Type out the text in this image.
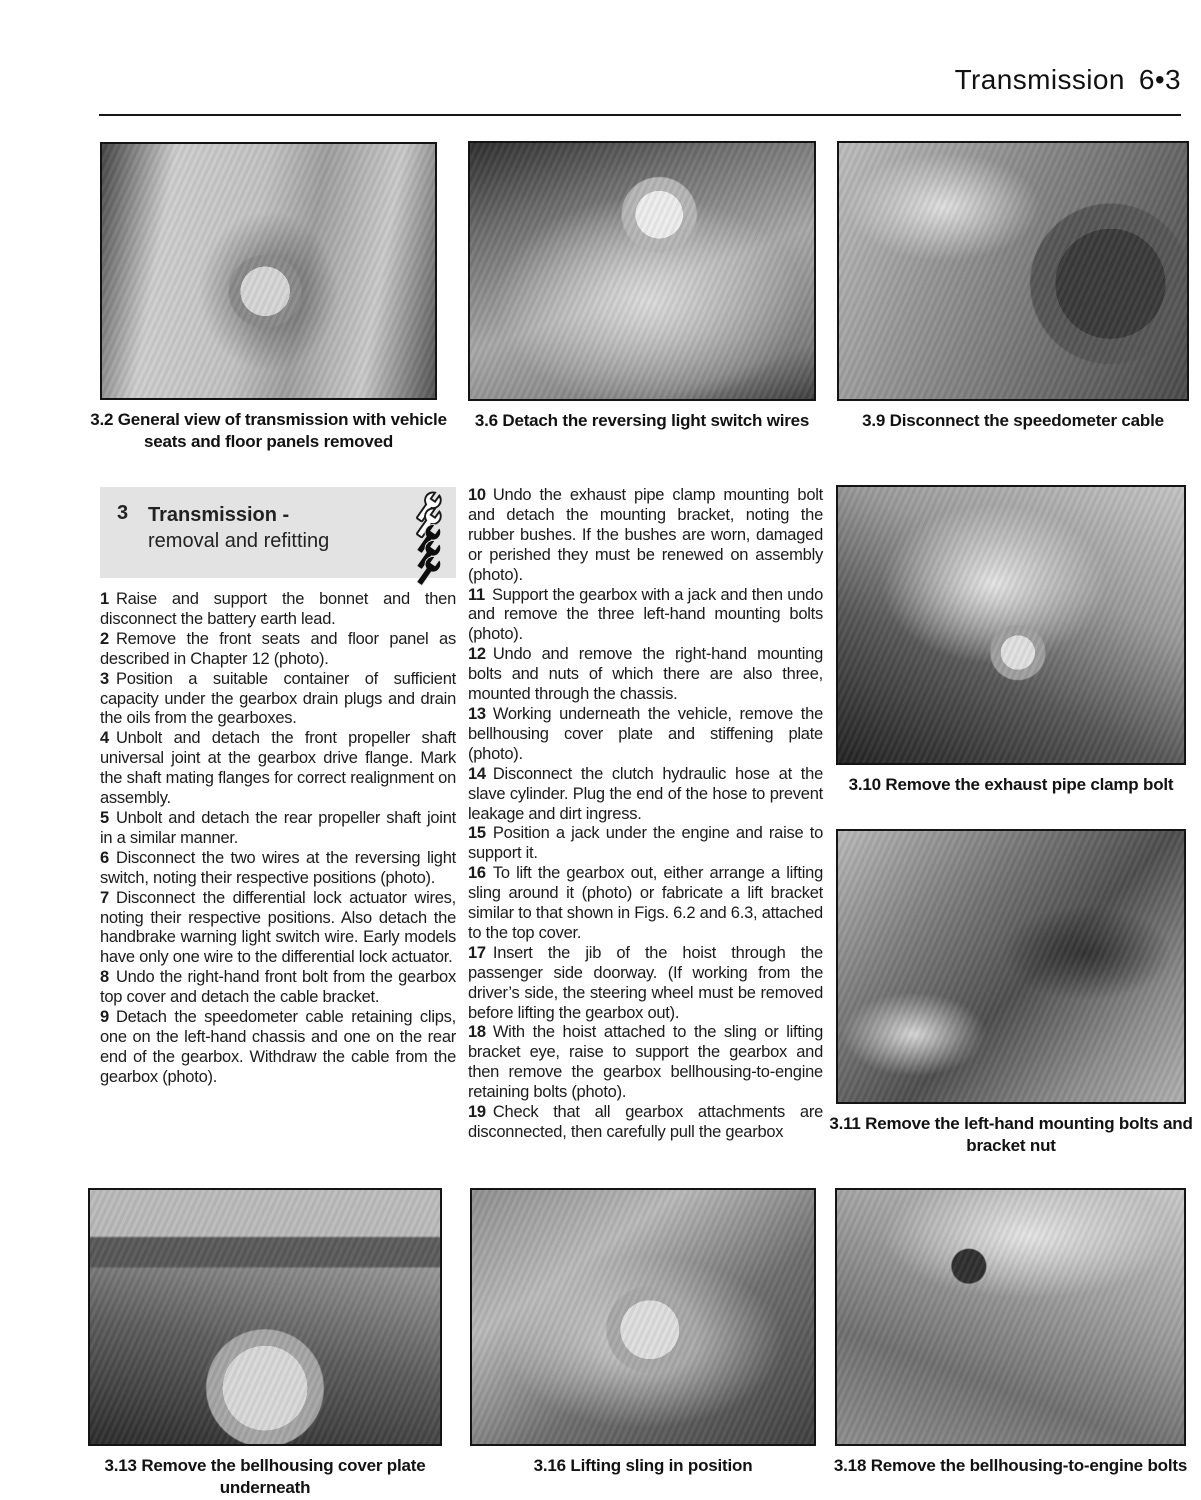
Transmission 6•3
3.2 General view of transmission with vehicle seats and floor panels removed
3.6 Detach the reversing light switch wires	3.9 Disconnect the speedometer cable
3 Transmission -
removal and refitting

1 Raise and support the bonnet and then disconnect the battery earth lead.

2 Remove the front seats and floor panel as described in Chapter 12 (photo).

3 Position a suitable container of sufficient capacity under the gearbox drain plugs and drain the oils from the gearboxes.

4 Unbolt and detach the front propeller shaft universal joint at the gearbox drive flange. Mark the shaft mating flanges for correct realignment on assembly.

5 Unbolt and detach the rear propeller shaft joint in a similar manner.

6 Disconnect the two wires at the reversing light switch, noting their respective positions (photo).

7 Disconnect the differential lock actuator wires, noting their respective positions. Also detach the handbrake warning light switch wire. Early models have only one wire to the differential lock actuator.

8 Undo the right-hand front bolt from the gearbox top cover and detach the cable bracket.

9 Detach the speedometer cable retaining clips, one on the left-hand chassis and one on the rear end of the gearbox. Withdraw the cable from the gearbox (photo).

10 Undo the exhaust pipe clamp mounting bolt and detach the mounting bracket, noting the rubber bushes. If the bushes are worn, damaged or perished they must be renewed on assembly (photo).

11 Support the gearbox with a jack and then undo and remove the three left-hand mounting bolts (photo).

12 Undo and remove the right-hand mounting bolts and nuts of which there are also three, mounted through the chassis.

13 Working underneath the vehicle, remove the bellhousing cover plate and stiffening plate (photo).

14 Disconnect the clutch hydraulic hose at the slave cylinder. Plug the end of the hose to prevent leakage and dirt ingress.

15 Position a jack under the engine and raise to support it.

16 To lift the gearbox out, either arrange a lifting sling around it (photo) or fabricate a lift bracket similar to that shown in Figs. 6.2 and 6.3, attached to the top cover.

17 Insert the jib of the hoist through the passenger side doorway. (If working from the driver’s side, the steering wheel must be removed before lifting the gearbox out).

18 With the hoist attached to the sling or lifting bracket eye, raise to support the gearbox and then remove the gearbox bellhousing-to-engine retaining bolts (photo).

19 Check that all gearbox attachments are disconnected, then carefully pull the gearbox

3.10 Remove the exhaust pipe clamp bolt
3.11 Remove the left-hand mounting bolts and bracket nut
3.13 Remove the bellhousing cover plate underneath
3.16 Lifting sling in position	3.18 Remove the bellhousing-to-engine bolts
